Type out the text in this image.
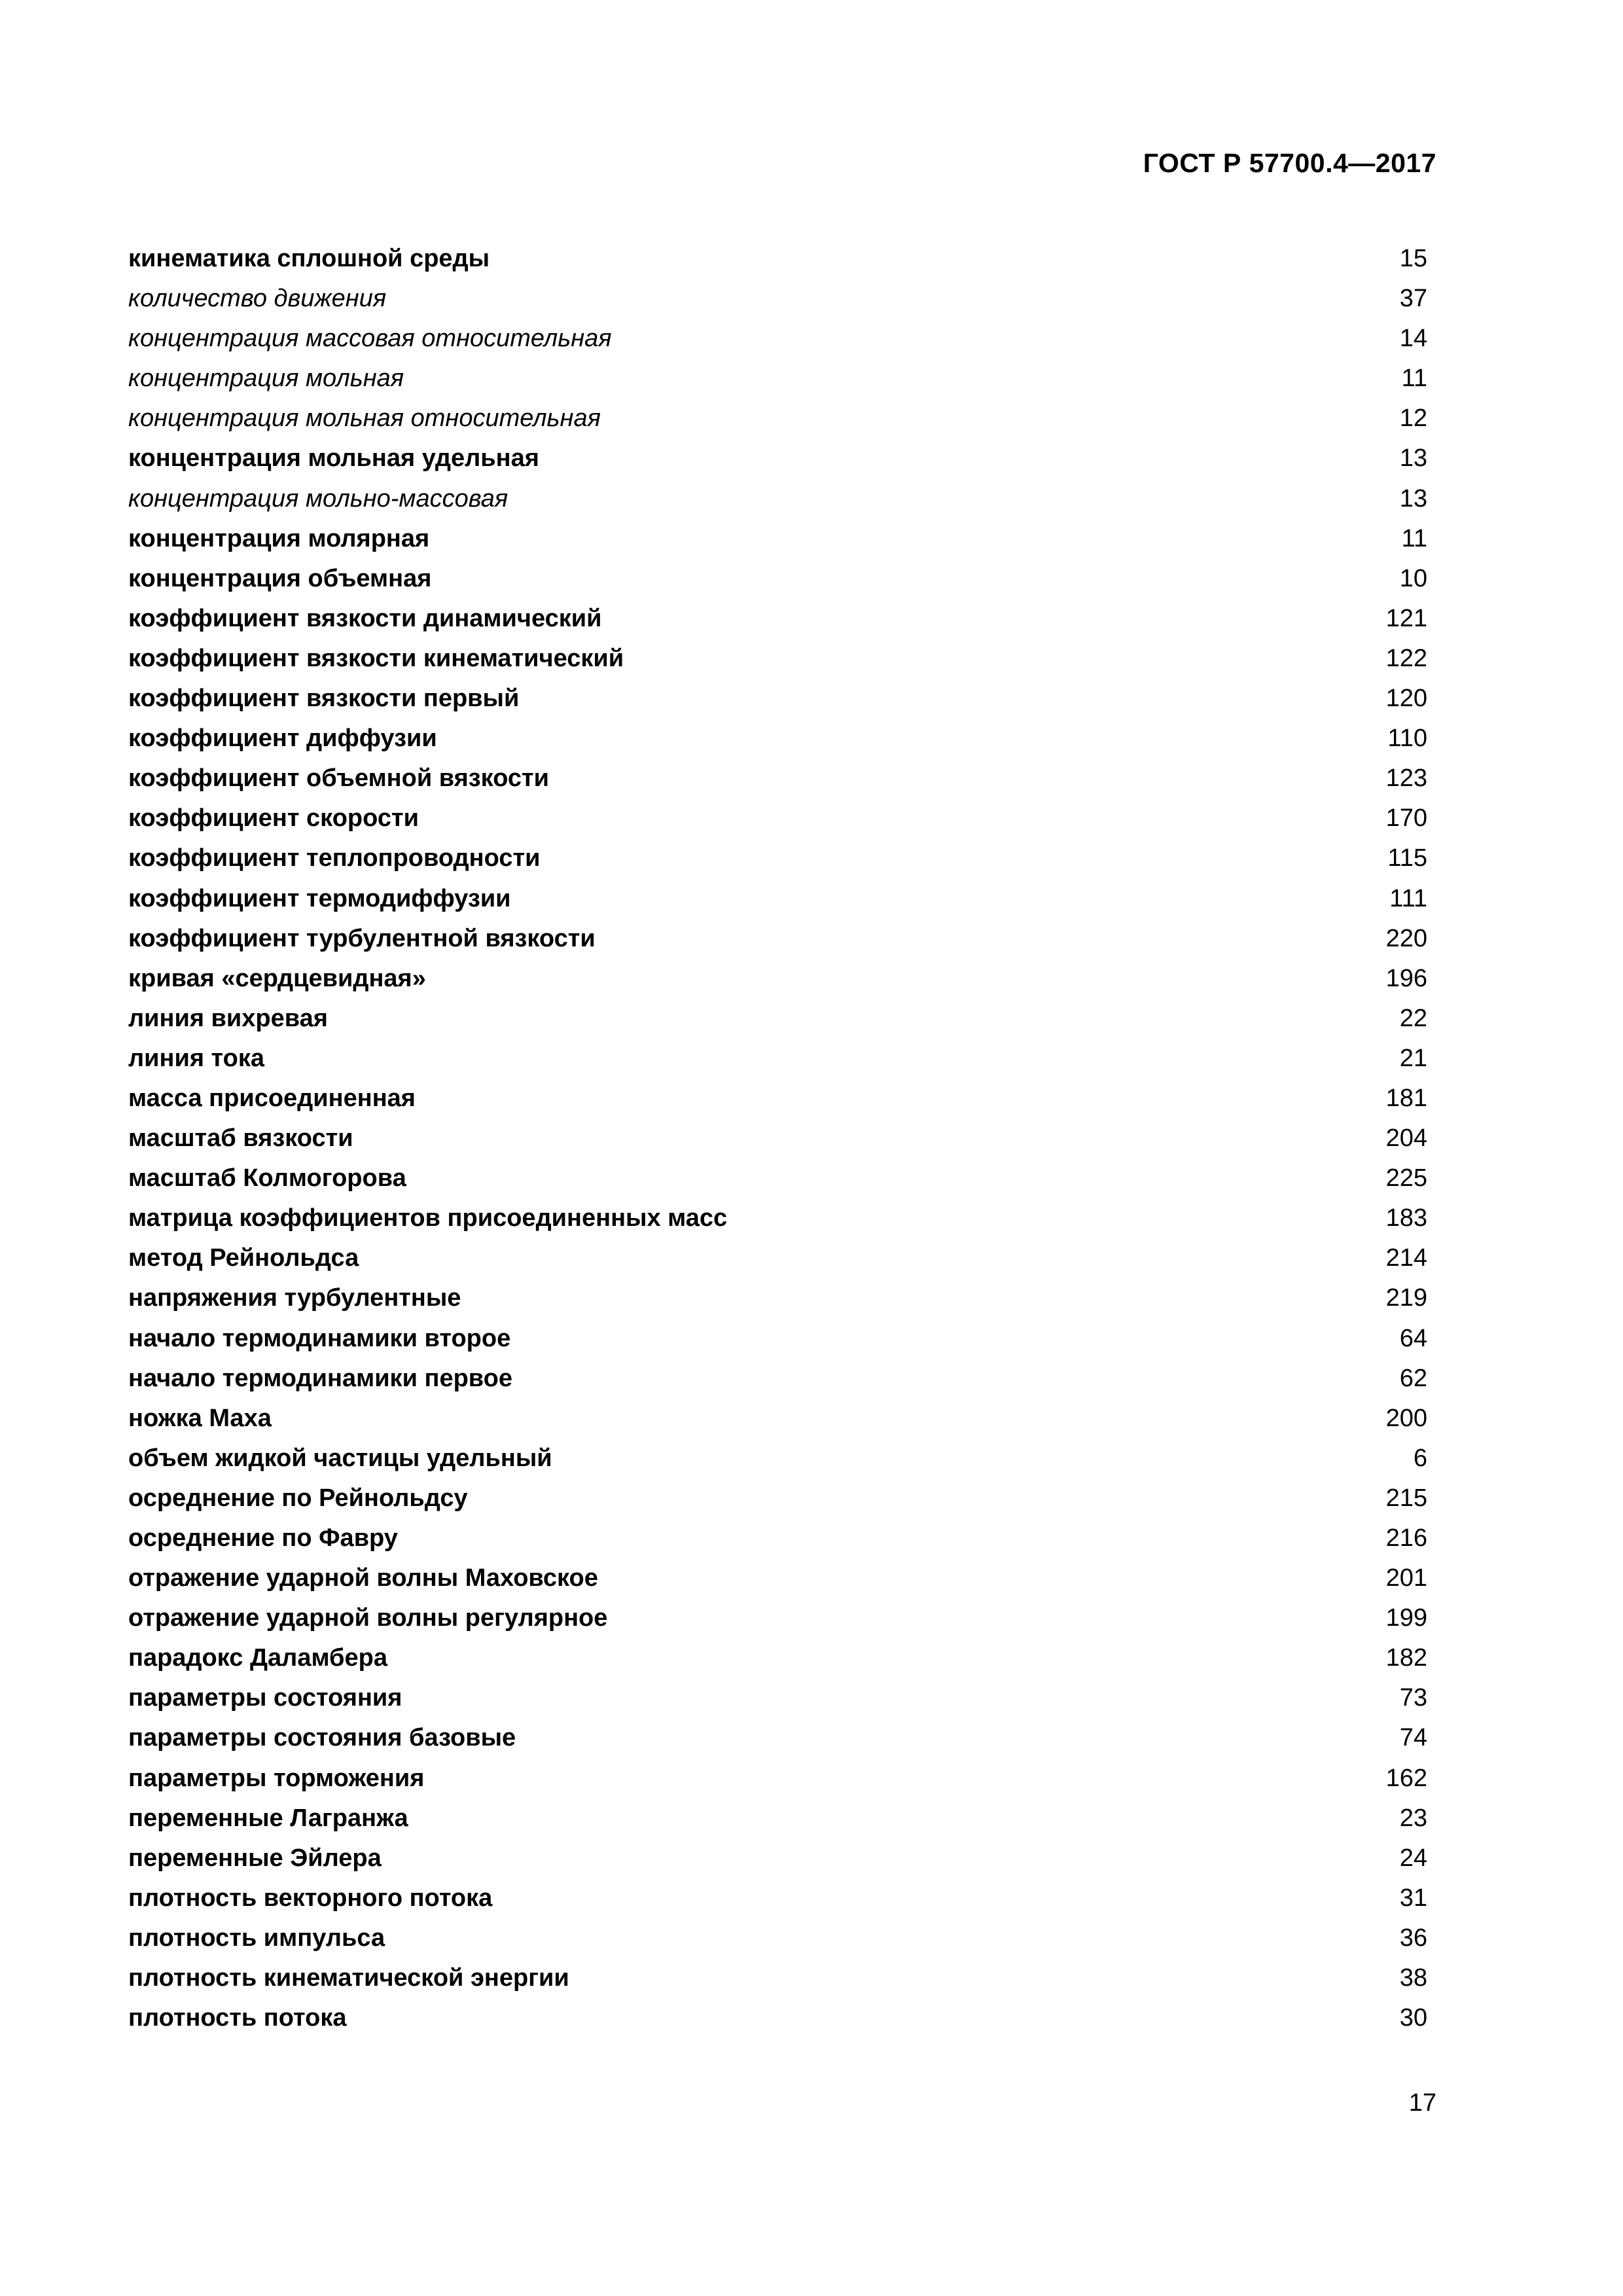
ГОСТ Р 57700.4—2017
кинематика сплошной среды	15
количество движения	37
концентрация массовая относительная	14
концентрация мольная	11
концентрация мольная относительная	12
концентрация мольная удельная	13
концентрация мольно-массовая	13
концентрация молярная	11
концентрация объемная	10
коэффициент вязкости динамический	121
коэффициент вязкости кинематический	122
коэффициент вязкости первый	120
коэффициент диффузии	110
коэффициент объемной вязкости	123
коэффициент скорости	170
коэффициент теплопроводности	115
коэффициент термодиффузии	111
коэффициент турбулентной вязкости	220
кривая «сердцевидная»	196
линия вихревая	22
линия тока	21
масса присоединенная	181
масштаб вязкости	204
масштаб Колмогорова	225
матрица коэффициентов присоединенных масс	183
метод Рейнольдса	214
напряжения турбулентные	219
начало термодинамики второе	64
начало термодинамики первое	62
ножка Маха	200
объем жидкой частицы удельный	6
осреднение по Рейнольдсу	215
осреднение по Фавру	216
отражение ударной волны Маховское	201
отражение ударной волны регулярное	199
парадокс Даламбера	182
параметры состояния	73
параметры состояния базовые	74
параметры торможения	162
переменные Лагранжа	23
переменные Эйлера	24
плотность векторного потока	31
плотность импульса	36
плотность кинематической энергии	38
плотность потока	30
17
